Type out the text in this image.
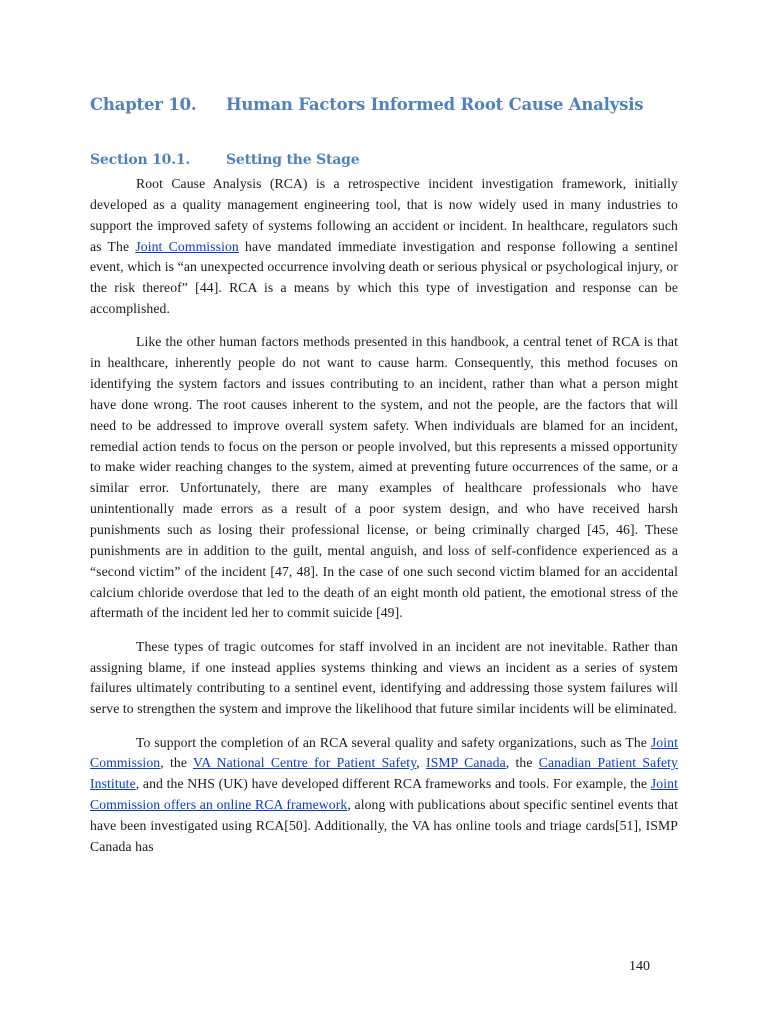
Chapter 10. Human Factors Informed Root Cause Analysis
Section 10.1.	Setting the Stage

Root Cause Analysis (RCA) is a retrospective incident investigation framework, initially developed as a quality management engineering tool, that is now widely used in many industries to support the improved safety of systems following an accident or incident. In healthcare, regulators such as The Joint Commission have mandated immediate investigation and response following a sentinel event, which is “an unexpected occurrence involving death or serious physical or psychological injury, or the risk thereof” [44]. RCA is a means by which this type of investigation and response can be accomplished.

Like the other human factors methods presented in this handbook, a central tenet of RCA is that in healthcare, inherently people do not want to cause harm. Consequently, this method focuses on identifying the system factors and issues contributing to an incident, rather than what a person might have done wrong. The root causes inherent to the system, and not the people, are the factors that will need to be addressed to improve overall system safety. When individuals are blamed for an incident, remedial action tends to focus on the person or people involved, but this represents a missed opportunity to make wider reaching changes to the system, aimed at preventing future occurrences of the same, or a similar error. Unfortunately, there are many examples of healthcare professionals who have unintentionally made errors as a result of a poor system design, and who have received harsh punishments such as losing their professional license, or being criminally charged [45, 46]. These punishments are in addition to the guilt, mental anguish, and loss of self-confidence experienced as a “second victim” of the incident [47, 48]. In the case of one such second victim blamed for an accidental calcium chloride overdose that led to the death of an eight month old patient, the emotional stress of the aftermath of the incident led her to commit suicide [49].

These types of tragic outcomes for staff involved in an incident are not inevitable. Rather than assigning blame, if one instead applies systems thinking and views an incident as a series of system failures ultimately contributing to a sentinel event, identifying and addressing those system failures will serve to strengthen the system and improve the likelihood that future similar incidents will be eliminated.

To support the completion of an RCA several quality and safety organizations, such as The Joint Commission, the VA National Centre for Patient Safety, ISMP Canada, the Canadian Patient Safety Institute, and the NHS (UK) have developed different RCA frameworks and tools. For example, the Joint Commission offers an online RCA framework, along with publications about specific sentinel events that have been investigated using RCA[50]. Additionally, the VA has online tools and triage cards[51], ISMP Canada has

140
